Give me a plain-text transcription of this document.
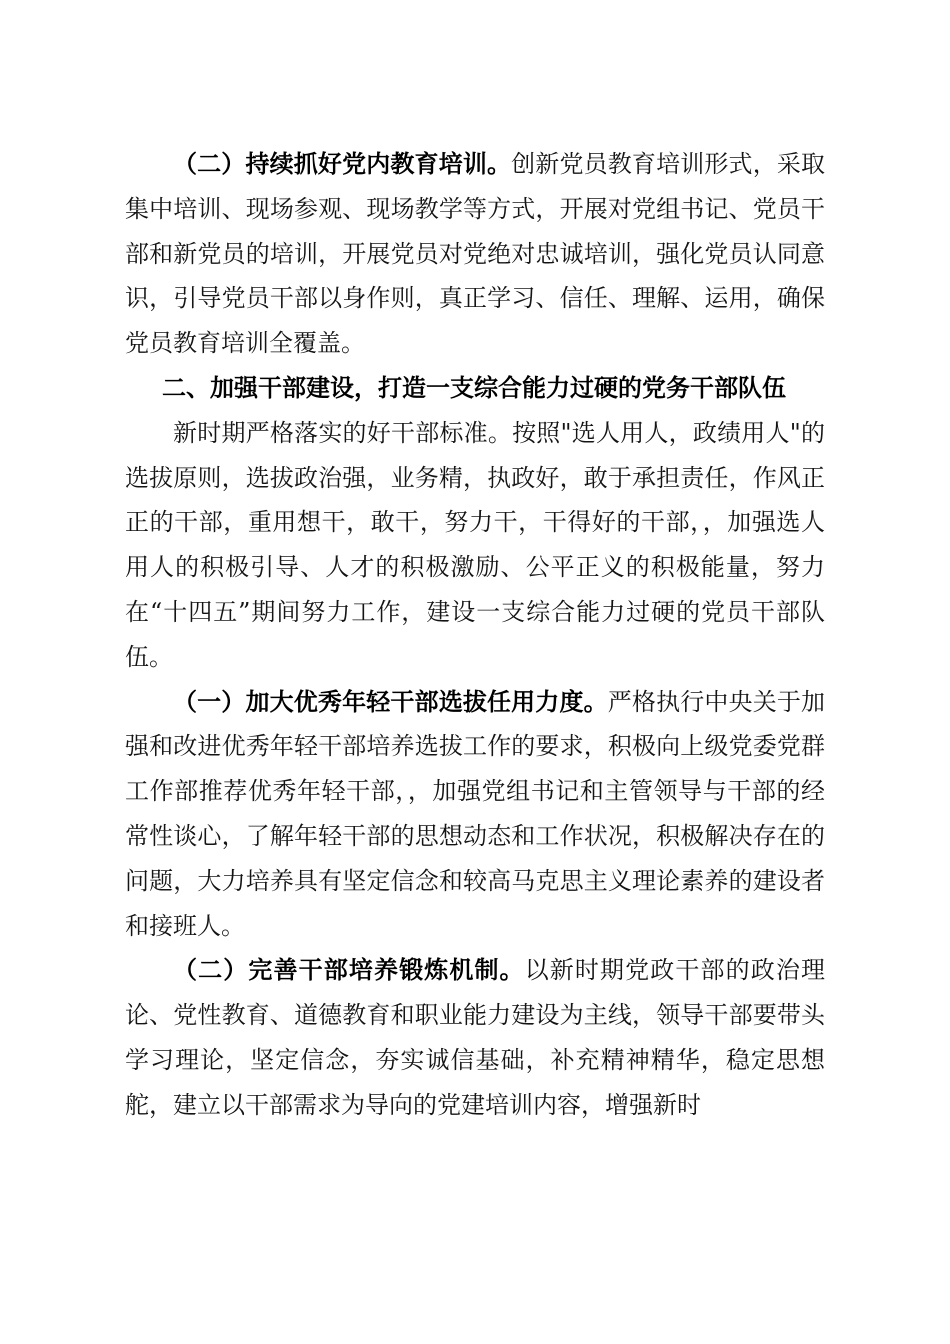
（二）持续抓好党内教育培训。创新党员教育培训形式，采取集中培训、现场参观、现场教学等方式，开展对党组书记、党员干部和新党员的培训，开展党员对党绝对忠诚培训，强化党员认同意识，引导党员干部以身作则，真正学习、信任、理解、运用，确保党员教育培训全覆盖。

二、加强干部建设，打造一支综合能力过硬的党务干部队伍

新时期严格落实的好干部标准。按照"选人用人，政绩用人"的选拔原则，选拔政治强，业务精，执政好，敢于承担责任，作风正正的干部，重用想干，敢干，努力干，干得好的干部，，加强选人用人的积极引导、人才的积极激励、公平正义的积极能量，努力在“十四五”期间努力工作，建设一支综合能力过硬的党员干部队伍。

（一）加大优秀年轻干部选拔任用力度。严格执行中央关于加强和改进优秀年轻干部培养选拔工作的要求，积极向上级党委党群工作部推荐优秀年轻干部，，加强党组书记和主管领导与干部的经常性谈心，了解年轻干部的思想动态和工作状况，积极解决存在的问题，大力培养具有坚定信念和较高马克思主义理论素养的建设者和接班人。

（二）完善干部培养锻炼机制。以新时期党政干部的政治理论、党性教育、道德教育和职业能力建设为主线，领导干部要带头学习理论，坚定信念，夯实诚信基础，补充精神精华，稳定思想舵，建立以干部需求为导向的党建培训内容，增强新时
